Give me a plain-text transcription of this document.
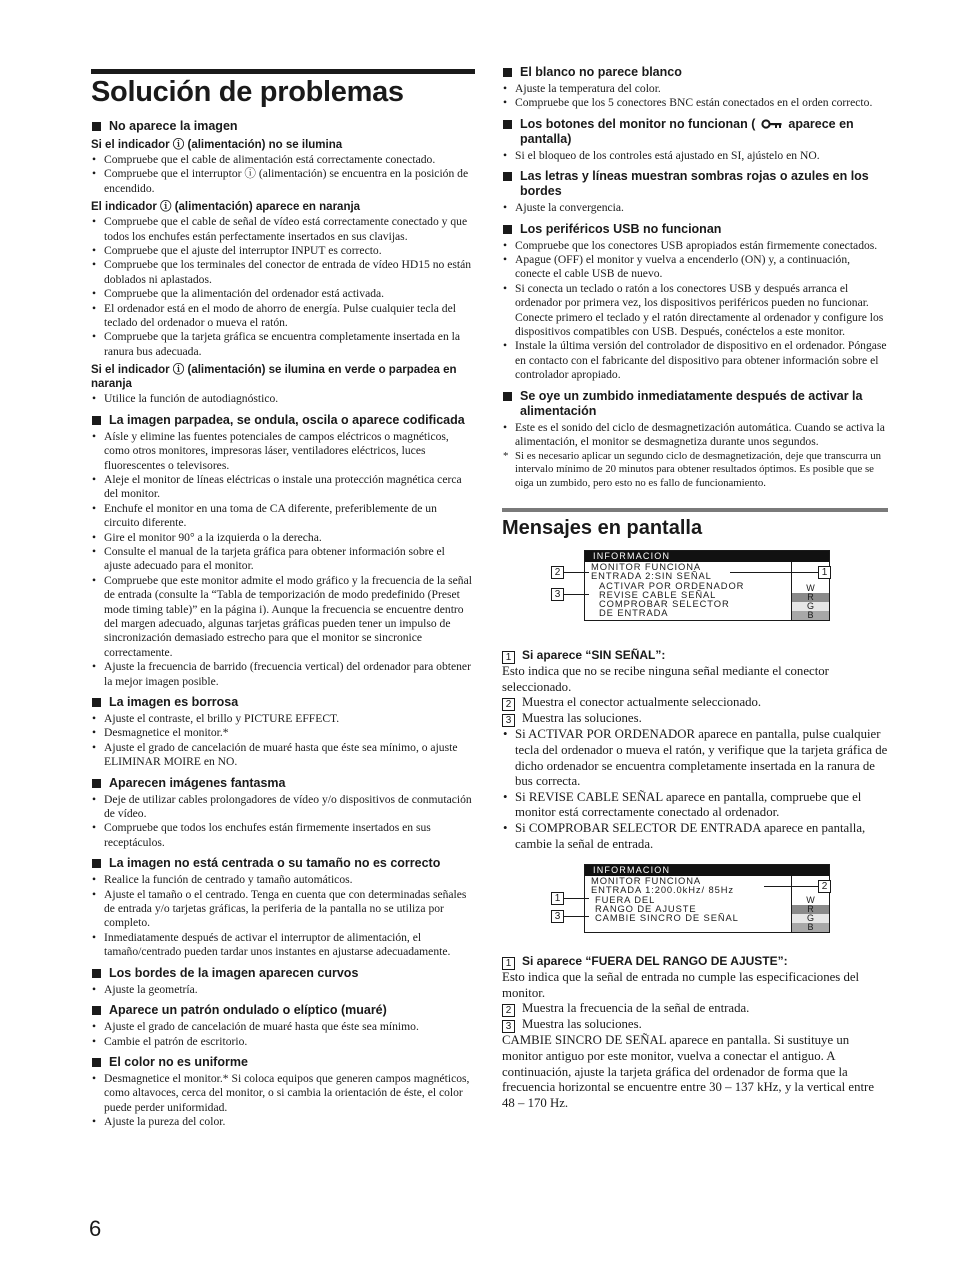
Solución de problemas
No aparece la imagen
Si el indicador ⓘ (alimentación) no se ilumina
• Compruebe que el cable de alimentación está correctamente conectado.
• Compruebe que el interruptor ⓘ (alimentación) se encuentra en la posición de encendido.
El indicador ⓘ (alimentación) aparece en naranja
• Compruebe que el cable de señal de vídeo está correctamente conectado y que todos los enchufes están perfectamente insertados en sus clavijas.
• Compruebe que el ajuste del interruptor INPUT es correcto.
• Compruebe que los terminales del conector de entrada de vídeo HD15 no están doblados ni aplastados.
• Compruebe que la alimentación del ordenador está activada.
• El ordenador está en el modo de ahorro de energía. Pulse cualquier tecla del teclado del ordenador o mueva el ratón.
• Compruebe que la tarjeta gráfica se encuentra completamente insertada en la ranura bus adecuada.
Si el indicador ⓘ (alimentación) se ilumina en verde o parpadea en naranja
• Utilice la función de autodiagnóstico.
La imagen parpadea, se ondula, oscila o aparece codificada
• Aísle y elimine las fuentes potenciales de campos eléctricos o magnéticos, como otros monitores, impresoras láser, ventiladores eléctricos, luces fluorescentes o televisores.
• Aleje el monitor de líneas eléctricas o instale una protección magnética cerca del monitor.
• Enchufe el monitor en una toma de CA diferente, preferiblemente de un circuito diferente.
• Gire el monitor 90° a la izquierda o la derecha.
• Consulte el manual de la tarjeta gráfica para obtener información sobre el ajuste adecuado para el monitor.
• Compruebe que este monitor admite el modo gráfico y la frecuencia de la señal de entrada (consulte la “Tabla de temporización de modo predefinido (Preset mode timing table)” en la página i). Aunque la frecuencia se encuentre dentro del margen adecuado, algunas tarjetas gráficas pueden tener un impulso de sincronización demasiado estrecho para que el monitor se sincronice correctamente.
• Ajuste la frecuencia de barrido (frecuencia vertical) del ordenador para obtener la mejor imagen posible.
La imagen es borrosa
• Ajuste el contraste, el brillo y PICTURE EFFECT.
• Desmagnetice el monitor.*
• Ajuste el grado de cancelación de muaré hasta que éste sea mínimo, o ajuste ELIMINAR MOIRE en NO.
Aparecen imágenes fantasma
• Deje de utilizar cables prolongadores de vídeo y/o dispositivos de conmutación de vídeo.
• Compruebe que todos los enchufes están firmemente insertados en sus receptáculos.
La imagen no está centrada o su tamaño no es correcto
• Realice la función de centrado y tamaño automáticos.
• Ajuste el tamaño o el centrado. Tenga en cuenta que con determinadas señales de entrada y/o tarjetas gráficas, la periferia de la pantalla no se utiliza por completo.
• Inmediatamente después de activar el interruptor de alimentación, el tamaño/centrado pueden tardar unos instantes en ajustarse adecuadamente.
Los bordes de la imagen aparecen curvos
• Ajuste la geometría.
Aparece un patrón ondulado o elíptico (muaré)
• Ajuste el grado de cancelación de muaré hasta que éste sea mínimo.
• Cambie el patrón de escritorio.
El color no es uniforme
• Desmagnetice el monitor.* Si coloca equipos que generen campos magnéticos, como altavoces, cerca del monitor, o si cambia la orientación de éste, el color puede perder uniformidad.
• Ajuste la pureza del color.
El blanco no parece blanco
• Ajuste la temperatura del color.
• Compruebe que los 5 conectores BNC están conectados en el orden correcto.
Los botones del monitor no funcionan (	aparece en pantalla)
• Si el bloqueo de los controles está ajustado en SI, ajústelo en NO.
Las letras y líneas muestran sombras rojas o azules en los bordes
• Ajuste la convergencia.
Los periféricos USB no funcionan
• Compruebe que los conectores USB apropiados están firmemente conectados.
• Apague (OFF) el monitor y vuelva a encenderlo (ON) y, a continuación, conecte el cable USB de nuevo.
• Si conecta un teclado o ratón a los conectores USB y después arranca el ordenador por primera vez, los dispositivos periféricos pueden no funcionar. Conecte primero el teclado y el ratón directamente al ordenador y configure los dispositivos compatibles con USB. Después, conéctelos a este monitor.
• Instale la última versión del controlador de dispositivo en el ordenador. Póngase en contacto con el fabricante del dispositivo para obtener información sobre el controlador apropiado.
Se oye un zumbido inmediatamente después de activar la alimentación
• Este es el sonido del ciclo de desmagnetización automática. Cuando se activa la alimentación, el monitor se desmagnetiza durante unos segundos.
* Si es necesario aplicar un segundo ciclo de desmagnetización, deje que transcurra un intervalo mínimo de 20 minutos para obtener resultados óptimos. Es posible que se oiga un zumbido, pero esto no es fallo de funcionamiento.
Mensajes en pantalla
INFORMACION
MONITOR FUNCIONA
ENTRADA 2:SIN SEÑAL
ACTIVAR POR ORDENADOR
REVISE CABLE SEÑAL
COMPROBAR SELECTOR
DE ENTRADA
W
R
G
B
2
3
1
1 Si aparece “SIN SEÑAL”:

Esto indica que no se recibe ninguna señal mediante el conector seleccionado.

2 Muestra el conector actualmente seleccionado.
3 Muestra las soluciones.
• Si ACTIVAR POR ORDENADOR aparece en pantalla, pulse cualquier tecla del ordenador o mueva el ratón, y verifique que la tarjeta gráfica de dicho ordenador se encuentra completamente insertada en la ranura de bus correcta.
• Si REVISE CABLE SEÑAL aparece en pantalla, compruebe que el monitor está correctamente conectado al ordenador.
• Si COMPROBAR SELECTOR DE ENTRADA aparece en pantalla, cambie la señal de entrada.
INFORMACION
MONITOR FUNCIONA
ENTRADA 1:200.0kHz/ 85Hz
FUERA DEL
RANGO DE AJUSTE
CAMBIE SINCRO DE SEÑAL
W
R
G
B
1
3
2
1 Si aparece “FUERA DEL RANGO DE AJUSTE”:

Esto indica que la señal de entrada no cumple las especificaciones del monitor.

2 Muestra la frecuencia de la señal de entrada.
3 Muestra las soluciones.

CAMBIE SINCRO DE SEÑAL aparece en pantalla. Si sustituye un monitor antiguo por este monitor, vuelva a conectar el antiguo. A continuación, ajuste la tarjeta gráfica del ordenador de forma que la frecuencia horizontal se encuentre entre 30 – 137 kHz, y la vertical entre 48 – 170 Hz.

6
